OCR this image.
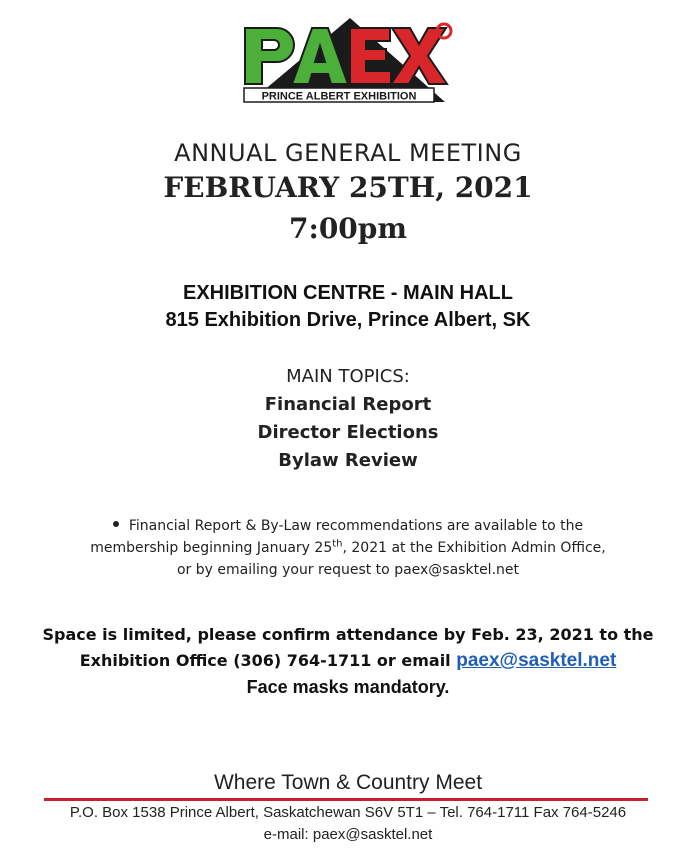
PRINCE ALBERT EXHIBITION
ANNUAL GENERAL MEETING
FEBRUARY 25TH, 2021
7:00pm
EXHIBITION CENTRE - MAIN HALL
815 Exhibition Drive, Prince Albert, SK
MAIN TOPICS:
Financial Report
Director Elections
Bylaw Review
Financial Report & By-Law recommendations are available to the
membership beginning January 25th, 2021 at the Exhibition Admin Office,
or by emailing your request to paex@sasktel.net
Space is limited, please confirm attendance by Feb. 23, 2021 to the
Exhibition Office (306) 764-1711 or email paex@sasktel.net
Face masks mandatory.
Where Town & Country Meet
P.O. Box 1538 Prince Albert, Saskatchewan S6V 5T1 – Tel. 764-1711 Fax 764-5246
e-mail: paex@sasktel.net
